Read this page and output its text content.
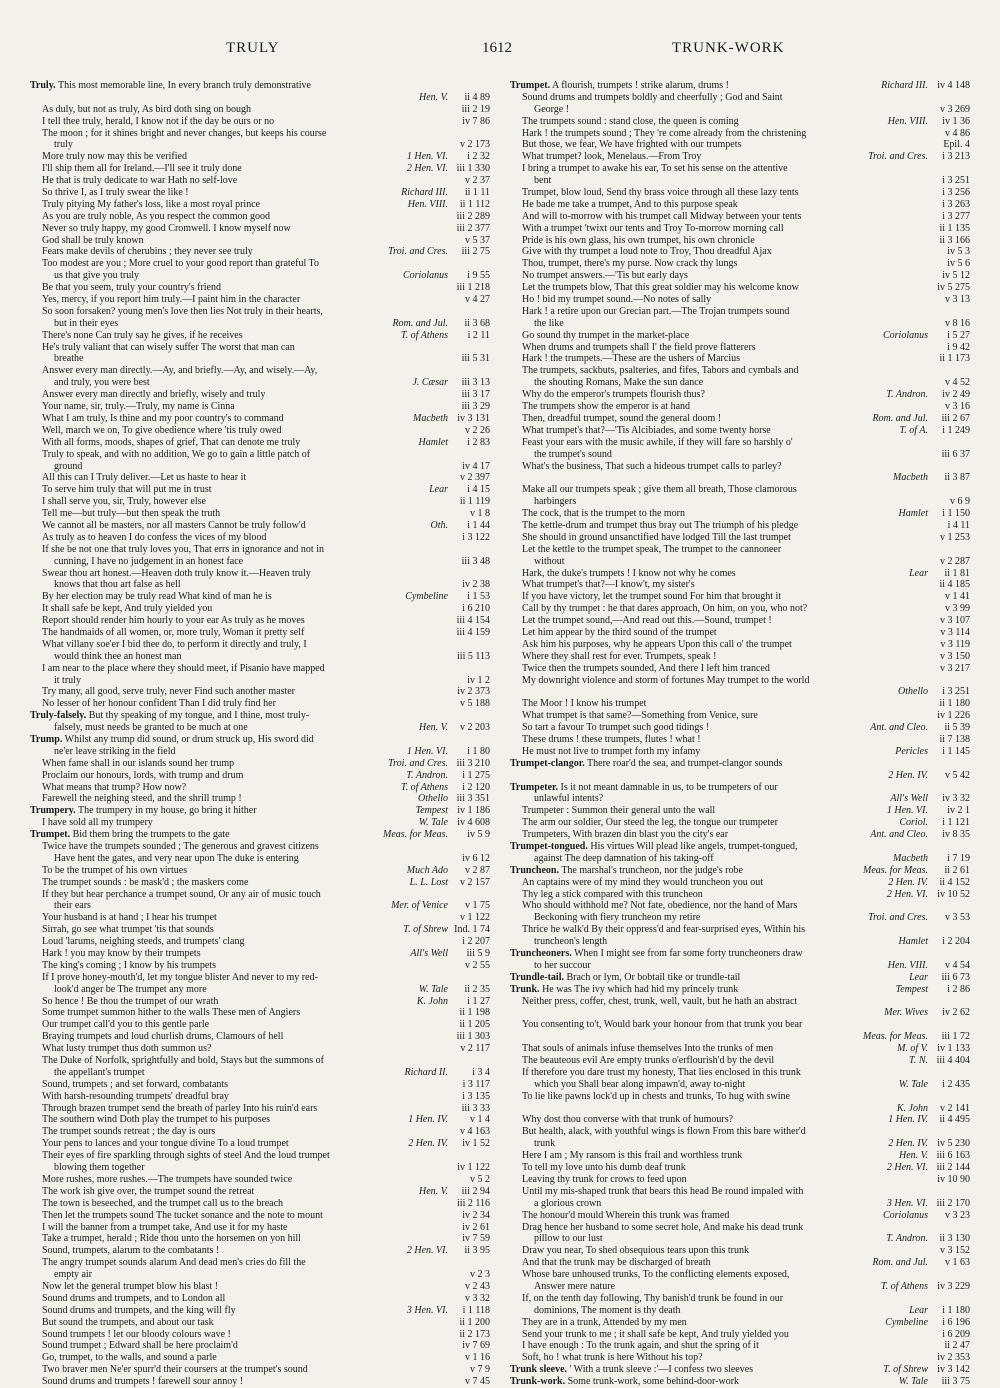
TRULY	1612	TRUNK-WORK
Truly. This most memorable line, In every branch truly demonstrative
Hen. V.	ii 4 89
As duly, but not as truly, As bird doth sing on bough	iii 2 19
I tell thee truly, herald, I know not if the day be ours or no	iv 7 86
The moon ; for it shines bright and never changes, but keeps his course
truly	v 2 173
More truly now may this be verified	1 Hen. VI.	i 2 32
I'll ship them all for Ireland.—I'll see it truly done	2 Hen. VI. iii 1 330
He that is truly dedicate to war Hath no self-love	v 2 37
So thrive I, as I truly swear the like !	Richard III.	ii 1 11
Truly pitying My father's loss, like a most royal prince	Hen. VIII.	ii 1 112
As you are truly noble, As you respect the common good	iii 2 289
Never so truly happy, my good Cromwell. I know myself now	iii 2 377
God shall be truly known	v 5 37
Fears make devils of cherubins ; they never see truly	Troi. and Cres.	iii 2 75
Too modest are you ; More cruel to your good report than grateful To
us that give you truly	Coriolanus	i 9 55
Be that you seem, truly your country's friend	iii 1 218
Yes, mercy, if you report him truly.—I paint him in the character	v 4 27
So soon forsaken? young men's love then lies Not truly in their hearts,
but in their eyes	Rom. and Jul.	ii 3 68
There's none Can truly say he gives, if he receives	T. of Athens	i 2 11
He's truly valiant that can wisely suffer The worst that man can
breathe	iii 5 31
Answer every man directly.—Ay, and briefly.—Ay, and wisely.—Ay,
and truly, you were best	J. Cæsar	iii 3 13
Answer every man directly and briefly, wisely and truly	iii 3 17
Your name, sir, truly.—Truly, my name is Cinna	iii 3 29
What I am truly, Is thine and my poor country's to command	Macbeth iv 3 131
Well, march we on, To give obedience where 'tis truly owed	v 2 26
With all forms, moods, shapes of grief, That can denote me truly	Hamlet	i 2 83
Truly to speak, and with no addition, We go to gain a little patch of
ground	iv 4 17
All this can I Truly deliver.—Let us haste to hear it	v 2 397
To serve him truly that will put me in trust	Lear	i 4 15
I shall serve you, sir, Truly, however else	ii 1 119
Tell me—but truly—but then speak the truth	v 1 8
We cannot all be masters, nor all masters Cannot be truly follow'd	Oth.	i 1 44
As truly as to heaven I do confess the vices of my blood	i 3 122
If she be not one that truly loves you, That errs in ignorance and not in
cunning, I have no judgement in an honest face	iii 3 48
Swear thou art honest.—Heaven doth truly know it.—Heaven truly
knows that thou art false as hell	iv 2 38
By her election may be truly read What kind of man he is	Cymbeline	i 1 53
It shall safe be kept, And truly yielded you	i 6 210
Report should render him hourly to your ear As truly as he moves	iii 4 154
The handmaids of all women, or, more truly, Woman it pretty self	iii 4 159
What villany soe'er I bid thee do, to perform it directly and truly, I
would think thee an honest man	iii 5 113
I am near to the place where they should meet, if Pisanio have mapped
it truly	iv 1 2
Try many, all good, serve truly, never Find such another master	iv 2 373
No lesser of her honour confident Than I did truly find her	v 5 188
Truly-falsely. But thy speaking of my tongue, and I thine, most truly-
falsely, must needs be granted to be much at one	Hen. V.	v 2 203
Trump. Whilst any trump did sound, or drum struck up, His sword did
ne'er leave striking in the field	1 Hen. VI.	i 1 80
When fame shall in our islands sound her trump	Troi. and Cres. iii 3 210
Proclaim our honours, lords, with trump and drum	T. Andron.	i 1 275
What means that trump? How now?	T. of Athens	i 2 120
Farewell the neighing steed, and the shrill trump !	Othello iii 3 351
Trumpery. The trumpery in my house, go bring it hither	Tempest iv 1 186
I have sold all my trumpery	W. Tale iv 4 608
Trumpet. Bid them bring the trumpets to the gate	Meas. for Meas.	iv 5 9
Twice have the trumpets sounded ; The generous and gravest citizens
Have hent the gates, and very near upon The duke is entering	iv 6 12
To be the trumpet of his own virtues	Much Ado	v 2 87
The trumpet sounds : be mask'd ; the maskers come	L. L. Lost	v 2 157
If they but hear perchance a trumpet sound, Or any air of music touch
their ears	Mer. of Venice	v 1 75
Your husband is at hand ; I hear his trumpet	v 1 122
Sirrah, go see what trumpet 'tis that sounds	T. of Shrew Ind. 1 74
Loud 'larums, neighing steeds, and trumpets' clang	i 2 207
Hark ! you may know by their trumpets	All's Well	iii 5 9
The king's coming ; I know by his trumpets	v 2 55
If I prove honey-mouth'd, let my tongue blister And never to my red-
look'd anger be The trumpet any more	W. Tale	ii 2 35
So hence ! Be thou the trumpet of our wrath	K. John	i 1 27
Some trumpet summon hither to the walls These men of Angiers	ii 1 198
Our trumpet call'd you to this gentle parle	ii 1 205
Braying trumpets and loud churlish drums, Clamours of hell	iii 1 303
What lusty trumpet thus doth summon us?	v 2 117
The Duke of Norfolk, sprightfully and bold, Stays but the summons of
the appellant's trumpet	Richard II.	i 3 4
Sound, trumpets ; and set forward, combatants	i 3 117
With harsh-resounding trumpets' dreadful bray	i 3 135
Through brazen trumpet send the breath of parley Into his ruin'd ears	iii 3 33
The southern wind Doth play the trumpet to his purposes	1 Hen. IV.	v 1 4
The trumpet sounds retreat ; the day is ours	v 4 163
Your pens to lances and your tongue divine To a loud trumpet	2 Hen. IV.	iv 1 52
Their eyes of fire sparkling through sights of steel And the loud trumpet
blowing them together	iv 1 122
More rushes, more rushes.—The trumpets have sounded twice	v 5 2
The work ish give over, the trumpet sound the retreat	Hen. V.	iii 2 94
The town is beseeched, and the trumpet call us to the breach	iii 2 116
Then let the trumpets sound The tucket sonance and the note to mount	iv 2 34
I will the banner from a trumpet take, And use it for my haste	iv 2 61
Take a trumpet, herald ; Ride thou unto the horsemen on yon hill	iv 7 59
Sound, trumpets, alarum to the combatants !	2 Hen. VI.	ii 3 95
The angry trumpet sounds alarum And dead men's cries do fill the
empty air	v 2 3
Now let the general trumpet blow his blast !	v 2 43
Sound drums and trumpets, and to London all	v 3 32
Sound drums and trumpets, and the king will fly	3 Hen. VI.	i 1 118
But sound the trumpets, and about our task	ii 1 200
Sound trumpets ! let our bloody colours wave !	ii 2 173
Sound trumpet ; Edward shall be here proclaim'd	iv 7 69
Go, trumpet, to the walls, and sound a parle	v 1 16
Two braver men Ne'er spurr'd their coursers at the trumpet's sound	v 7 9
Sound drums and trumpets ! farewell sour annoy !	v 7 45
Trumpet. A flourish, trumpets ! strike alarum, drums !	Richard III. iv 4 148
Sound drums and trumpets boldly and cheerfully ; God and Saint
George !	v 3 269
The trumpets sound : stand close, the queen is coming	Hen. VIII.	iv 1 36
Hark ! the trumpets sound ; They 're come already from the christening	v 4 86
But those, we fear, We have frighted with our trumpets	Epil. 4
What trumpet? look, Menelaus.—From Troy	Troi. and Cres.	i 3 213
I bring a trumpet to awake his ear, To set his sense on the attentive
bent	i 3 251
Trumpet, blow loud, Send thy brass voice through all these lazy tents	i 3 256
He bade me take a trumpet, And to this purpose speak	i 3 263
And will to-morrow with his trumpet call Midway between your tents	i 3 277
With a trumpet 'twixt our tents and Troy To-morrow morning call	ii 1 135
Pride is his own glass, his own trumpet, his own chronicle	ii 3 166
Give with thy trumpet a loud note to Troy, Thou dreadful Ajax	iv 5 3
Thou, trumpet, there's my purse. Now crack thy lungs	iv 5 6
No trumpet answers.—'Tis but early days	iv 5 12
Let the trumpets blow, That this great soldier may his welcome know	iv 5 275
Ho ! bid my trumpet sound.—No notes of sally	v 3 13
Hark ! a retire upon our Grecian part.—The Trojan trumpets sound
the like	v 8 16
Go sound thy trumpet in the market-place	Coriolanus	i 5 27
When drums and trumpets shall I' the field prove flatterers	i 9 42
Hark ! the trumpets.—These are the ushers of Marcius	ii 1 173
The trumpets, sackbuts, psalteries, and fifes, Tabors and cymbals and
the shouting Romans, Make the sun dance	v 4 52
Why do the emperor's trumpets flourish thus?	T. Andron.	iv 2 49
The trumpets show the emperor is at hand	v 3 16
Then, dreadful trumpet, sound the general doom !	Rom. and Jul.	iii 2 67
What trumpet's that?—'Tis Alcibiades, and some twenty horse	T. of A.	i 1 249
Feast your ears with the music awhile, if they will fare so harshly o'
the trumpet's sound	iii 6 37
What's the business, That such a hideous trumpet calls to parley?
Macbeth	ii 3 87
Make all our trumpets speak ; give them all breath, Those clamorous
harbingers	v 6 9
The cock, that is the trumpet to the morn	Hamlet	i 1 150
The kettle-drum and trumpet thus bray out The triumph of his pledge	i 4 11
She should in ground unsanctified have lodged Till the last trumpet	v 1 253
Let the kettle to the trumpet speak, The trumpet to the cannoneer
without	v 2 287
Hark, the duke's trumpets ! I know not why he comes	Lear	ii 1 81
What trumpet's that?—I know't, my sister's	ii 4 185
If you have victory, let the trumpet sound For him that brought it	v 1 41
Call by thy trumpet : he that dares approach, On him, on you, who not?	v 3 99
Let the trumpet sound,—And read out this.—Sound, trumpet !	v 3 107
Let him appear by the third sound of the trumpet	v 3 114
Ask him his purposes, why he appears Upon this call o' the trumpet	v 3 119
Where they shall rest for ever. Trumpets, speak !	v 3 150
Twice then the trumpets sounded, And there I left him tranced	v 3 217
My downright violence and storm of fortunes May trumpet to the world
Othello	i 3 251
The Moor ! I know his trumpet	ii 1 180
What trumpet is that same?—Something from Venice, sure	iv 1 226
So tart a favour To trumpet such good tidings !	Ant. and Cleo.	ii 5 39
These drums ! these trumpets, flutes ! what !	ii 7 138
He must not live to trumpet forth my infamy	Pericles	i 1 145
Trumpet-clangor. There roar'd the sea, and trumpet-clangor sounds
2 Hen. IV.	v 5 42
Trumpeter. Is it not meant damnable in us, to be trumpeters of our
unlawful intents?	All's Well	iv 3 32
Trumpeter : Summon their general unto the wall	1 Hen. VI.	iv 2 1
The arm our soldier, Our steed the leg, the tongue our trumpeter	Coriol.	i 1 121
Trumpeters, With brazen din blast you the city's ear	Ant. and Cleo.	iv 8 35
Trumpet-tongued. His virtues Will plead like angels, trumpet-tongued,
against The deep damnation of his taking-off	Macbeth	i 7 19
Truncheon. The marshal's truncheon, nor the judge's robe	Meas. for Meas.	ii 2 61
An captains were of my mind they would truncheon you out	2 Hen. IV.	ii 4 152
Thy leg a stick compared with this truncheon	2 Hen. VI. iv 10 52
Who should withhold me? Not fate, obedience, nor the hand of Mars
Beckoning with fiery truncheon my retire	Troi. and Cres.	v 3 53
Thrice he walk'd By their oppress'd and fear-surprised eyes, Within his
truncheon's length	Hamlet	i 2 204
Truncheoners. When I might see from far some forty truncheoners draw
to her succour	Hen. VIII.	v 4 54
Trundle-tail. Brach or lym, Or bobtail tike or trundle-tail	Lear	iii 6 73
Trunk. He was The ivy which had hid my princely trunk	Tempest	i 2 86
Neither press, coffer, chest, trunk, well, vault, but he hath an abstract
Mer. Wives	iv 2 62
You consenting to't, Would bark your honour from that trunk you bear
Meas. for Meas.	iii 1 72
That souls of animals infuse themselves Into the trunks of men	M. of V. iv 1 133
The beauteous evil Are empty trunks o'erflourish'd by the devil	T. N. iii 4 404
If therefore you dare trust my honesty, That lies enclosed in this trunk
which you Shall bear along impawn'd, away to-night	W. Tale	i 2 435
To lie like pawns lock'd up in chests and trunks, To hug with swine
K. John	v 2 141
Why dost thou converse with that trunk of humours?	1 Hen. IV.	ii 4 495
But health, alack, with youthful wings is flown From this bare wither'd
trunk	2 Hen. IV. iv 5 230
Here I am ; My ransom is this frail and worthless trunk	Hen. V. iii 6 163
To tell my love unto his dumb deaf trunk	2 Hen. VI. iii 2 144
Leaving thy trunk for crows to feed upon	iv 10 90
Until my mis-shaped trunk that bears this head Be round impaled with
a glorious crown	3 Hen. VI. iii 2 170
The honour'd mould Wherein this trunk was framed	Coriolanus	v 3 23
Drag hence her husband to some secret hole, And make his dead trunk
pillow to our lust	T. Andron.	ii 3 130
Draw you near, To shed obsequious tears upon this trunk	v 3 152
And that the trunk may be discharged of breath	Rom. and Jul.	v 1 63
Whose bare unhoused trunks, To the conflicting elements exposed,
Answer mere nature	T. of Athens iv 3 229
If, on the tenth day following, Thy banish'd trunk be found in our
dominions, The moment is thy death	Lear	i 1 180
They are in a trunk, Attended by my men	Cymbeline	i 6 196
Send your trunk to me ; it shall safe be kept, And truly yielded you	i 6 209
I have enough : To the trunk again, and shut the spring of it	ii 2 47
Soft, ho ! what trunk is here Without his top?	iv 2 353
Trunk sleeve. ' With a trunk sleeve :'—I confess two sleeves	T. of Shrew iv 3 142
Trunk-work. Some trunk-work, some behind-door-work	W. Tale	iii 3 75
